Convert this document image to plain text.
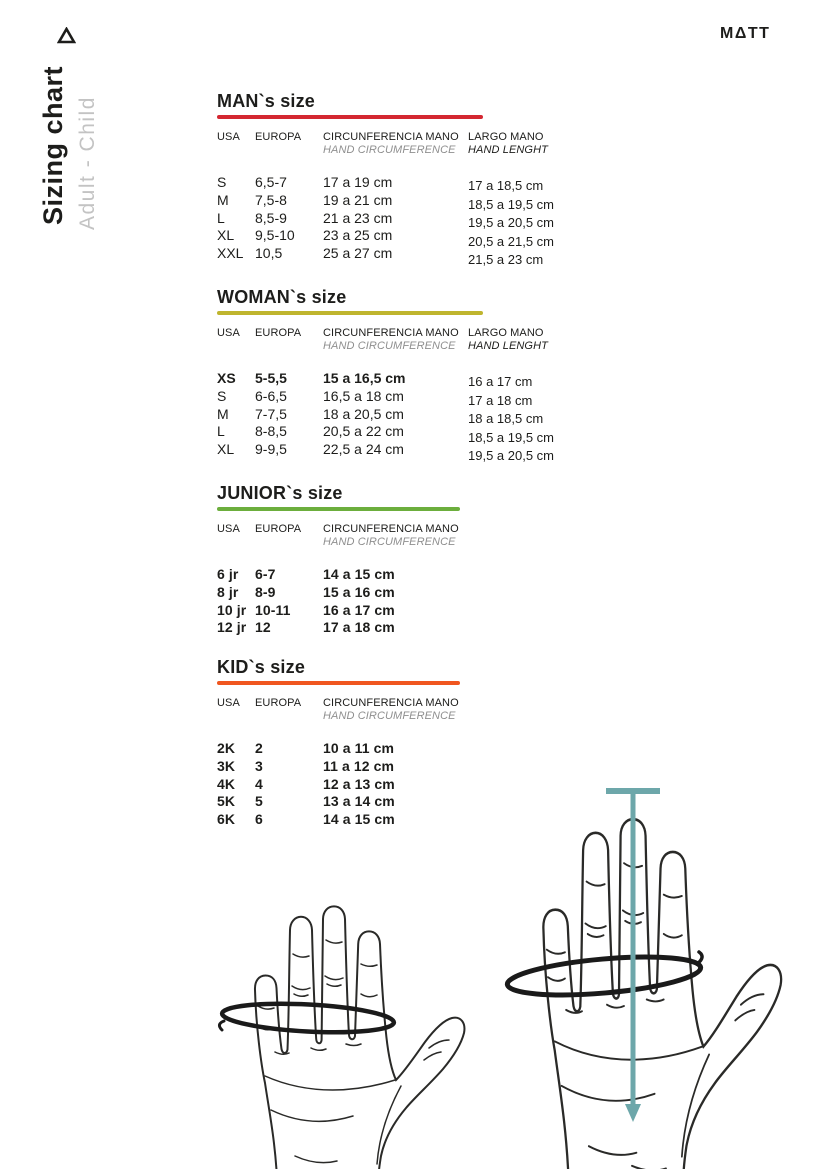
MΔTT
Sizing chart Adult - Child	MAN`s size
USA
S
M
L
XL
XXL
EUROPA
6,5-7
7,5-8
8,5-9
9,5-10
10,5
CIRCUNFERENCIA MANO
HAND CIRCUMFERENCE
17 a 19 cm
19 a 21 cm
21 a 23 cm
23 a 25 cm
25 a 27 cm
LARGO MANO
HAND LENGHT
17 a 18,5 cm
18,5 a 19,5 cm
19,5 a 20,5 cm
20,5 a 21,5 cm
21,5 a 23 cm
WOMAN`s size
USA
XS
S
M
L
XL
EUROPA
5-5,5
6-6,5
7-7,5
8-8,5
9-9,5
CIRCUNFERENCIA MANO
HAND CIRCUMFERENCE
15 a 16,5 cm
16,5 a 18 cm
18 a 20,5 cm
20,5 a 22 cm
22,5 a 24 cm
LARGO MANO
HAND LENGHT
16 a 17 cm
17 a 18 cm
18 a 18,5 cm
18,5 a 19,5 cm
19,5 a 20,5 cm
JUNIOR`s size
USA
6 jr
8 jr
10 jr
12 jr
EUROPA
6-7
8-9
10-11
12
CIRCUNFERENCIA MANO
HAND CIRCUMFERENCE
14 a 15 cm
15 a 16 cm
16 a 17 cm
17 a 18 cm
KID`s size
USA
2K
3K
4K
5K
6K
EUROPA
2
3
4
5
6
CIRCUNFERENCIA MANO
HAND CIRCUMFERENCE
10 a 11 cm
11 a 12 cm
12 a 13 cm
13 a 14 cm
14 a 15 cm
